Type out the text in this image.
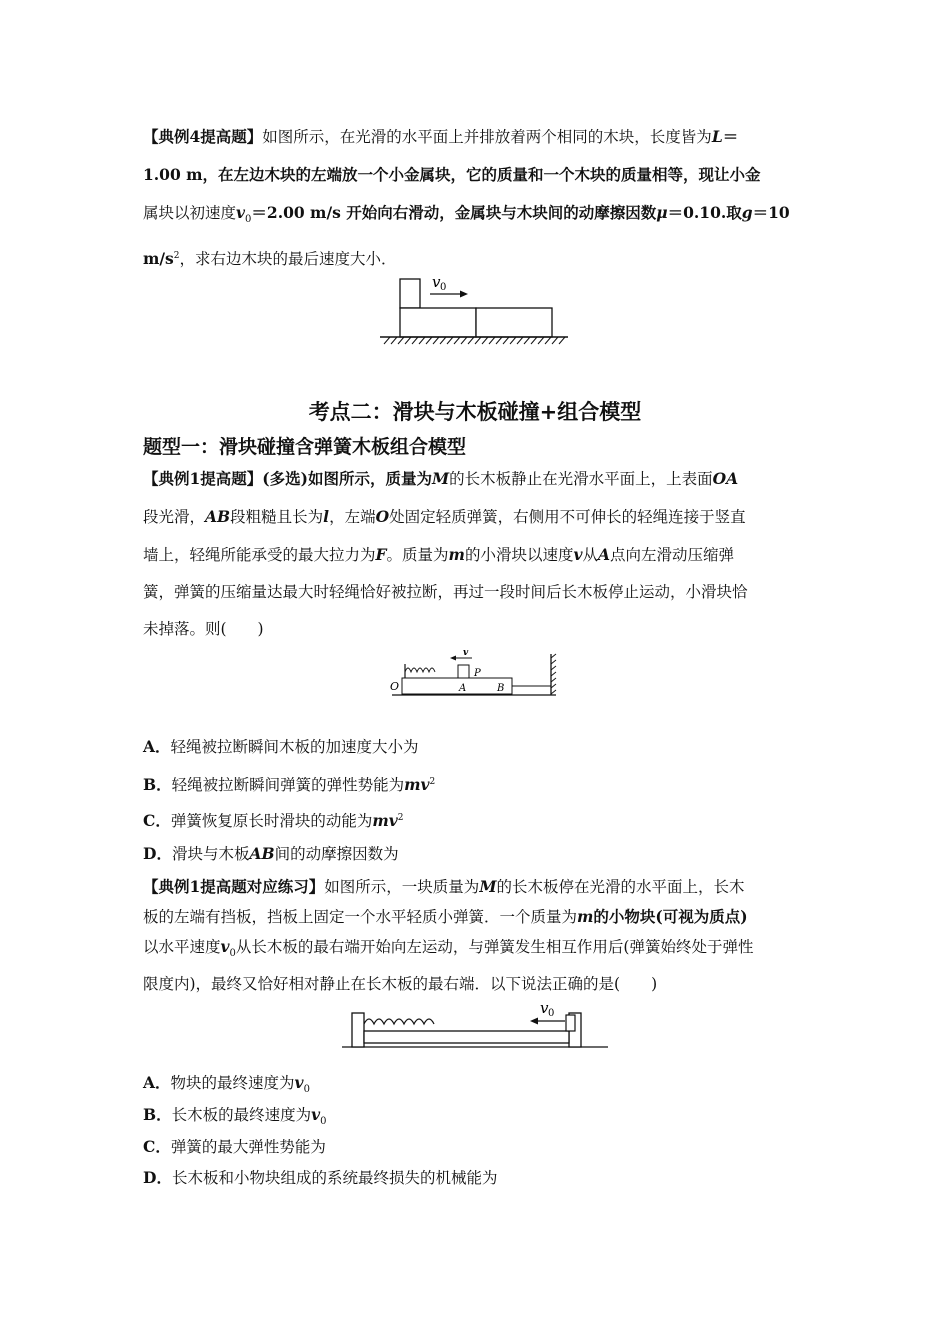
【典例4提高题】如图所示，在光滑的水平面上并排放着两个相同的木块，长度皆为L＝
1.00 m，在左边木块的左端放一个小金属块，它的质量和一个木块的质量相等，现让小金
属块以初速度$v_0=2.00$ m/s 开始向右滑动，金属块与木块间的动摩擦因数μ＝0.10.取g＝10
$m/s^2$，求右边木块的最后速度大小．
v 0
考点二：滑块与木板碰撞+组合模型
题型一：滑块碰撞含弹簧木板组合模型
【典例1提高题】(多选)如图所示，质量为M的长木板静止在光滑水平面上，上表面OA
段光滑，AB段粗糙且长为l，左端O处固定轻质弹簧，右侧用不可伸长的轻绳连接于竖直
墙上，轻绳所能承受的最大拉力为F。质量为m的小滑块以速度v从A点向左滑动压缩弹
簧，弹簧的压缩量达最大时轻绳恰好被拉断，再过一段时间后长木板停止运动，小滑块恰
未掉落。则(　　)
v
P
O	A	B
A．轻绳被拉断瞬间木板的加速度大小为
B．轻绳被拉断瞬间弹簧的弹性势能为$mv^2$
C．弹簧恢复原长时滑块的动能为$mv^2$
D．滑块与木板AB间的动摩擦因数为
【典例1提高题对应练习】如图所示，一块质量为M的长木板停在光滑的水平面上，长木
板的左端有挡板，挡板上固定一个水平轻质小弹簧．一个质量为m的小物块(可视为质点)
以水平速度$v_0$从长木板的最右端开始向左运动，与弹簧发生相互作用后(弹簧始终处于弹性
限度内)，最终又恰好相对静止在长木板的最右端．以下说法正确的是(　　)
v 0
A．物块的最终速度为$v_0$
B．长木板的最终速度为$v_0$
C．弹簧的最大弹性势能为
D．长木板和小物块组成的系统最终损失的机械能为
